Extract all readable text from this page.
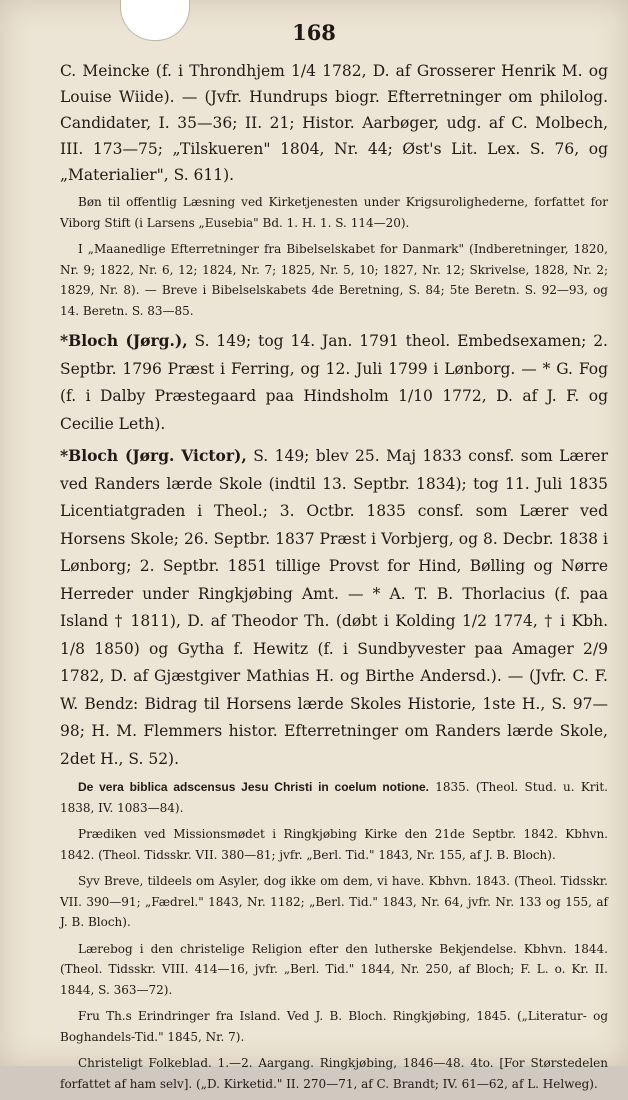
168

C. Meincke (f. i Throndhjem 1/4 1782, D. af Grosserer Henrik M. og Louise Wiide). — (Jvfr. Hundrups biogr. Efterretninger om philolog. Candidater, I. 35—36; II. 21; Histor. Aarbøger, udg. af C. Molbech, III. 173—75; „Tilskueren" 1804, Nr. 44; Øst's Lit. Lex. S. 76, og „Materialier", S. 611).

Bøn til offentlig Læsning ved Kirketjenesten under Krigsurolighederne, forfattet for Viborg Stift (i Larsens „Eusebia" Bd. 1. H. 1. S. 114—20).

I „Maanedlige Efterretninger fra Bibelselskabet for Danmark" (Indberetninger, 1820, Nr. 9; 1822, Nr. 6, 12; 1824, Nr. 7; 1825, Nr. 5, 10; 1827, Nr. 12; Skrivelse, 1828, Nr. 2; 1829, Nr. 8). — Breve i Bibelselskabets 4de Beretning, S. 84; 5te Beretn. S. 92—93, og 14. Beretn. S. 83—85.

*Bloch (Jørg.), S. 149; tog 14. Jan. 1791 theol. Embedsexamen; 2. Septbr. 1796 Præst i Ferring, og 12. Juli 1799 i Lønborg. — * G. Fog (f. i Dalby Præstegaard paa Hindsholm 1/10 1772, D. af J. F. og Cecilie Leth).

*Bloch (Jørg. Victor), S. 149; blev 25. Maj 1833 consf. som Lærer ved Randers lærde Skole (indtil 13. Septbr. 1834); tog 11. Juli 1835 Licentiatgraden i Theol.; 3. Octbr. 1835 consf. som Lærer ved Horsens Skole; 26. Septbr. 1837 Præst i Vorbjerg, og 8. Decbr. 1838 i Lønborg; 2. Septbr. 1851 tillige Provst for Hind, Bølling og Nørre Herreder under Ringkjøbing Amt. — * A. T. B. Thorlacius (f. paa Island † 1811), D. af Theodor Th. (døbt i Kolding 1/2 1774, † i Kbh. 1/8 1850) og Gytha f. Hewitz (f. i Sundbyvester paa Amager 2/9 1782, D. af Gjæstgiver Mathias H. og Birthe Andersd.). — (Jvfr. C. F. W. Bendz: Bidrag til Horsens lærde Skoles Historie, 1ste H., S. 97—98; H. M. Flemmers histor. Efterretninger om Randers lærde Skole, 2det H., S. 52).

De vera biblica adscensus Jesu Christi in coelum notione. 1835. (Theol. Stud. u. Krit. 1838, IV. 1083—84).

Prædiken ved Missionsmødet i Ringkjøbing Kirke den 21de Septbr. 1842. Kbhvn. 1842. (Theol. Tidsskr. VII. 380—81; jvfr. „Berl. Tid." 1843, Nr. 155, af J. B. Bloch).

Syv Breve, tildeels om Asyler, dog ikke om dem, vi have. Kbhvn. 1843. (Theol. Tidsskr. VII. 390—91; „Fædrel." 1843, Nr. 1182; „Berl. Tid." 1843, Nr. 64, jvfr. Nr. 133 og 155, af J. B. Bloch).

Lærebog i den christelige Religion efter den lutherske Bekjendelse. Kbhvn. 1844. (Theol. Tidsskr. VIII. 414—16, jvfr. „Berl. Tid." 1844, Nr. 250, af Bloch; F. L. o. Kr. II. 1844, S. 363—72).

Fru Th.s Erindringer fra Island. Ved J. B. Bloch. Ringkjøbing, 1845. („Literatur- og Boghandels-Tid." 1845, Nr. 7).

Christeligt Folkeblad. 1.—2. Aargang. Ringkjøbing, 1846—48. 4to. [For Størstedelen forfattet af ham selv]. („D. Kirketid." II. 270—71, af C. Brandt; IV. 61—62, af L. Helweg).
